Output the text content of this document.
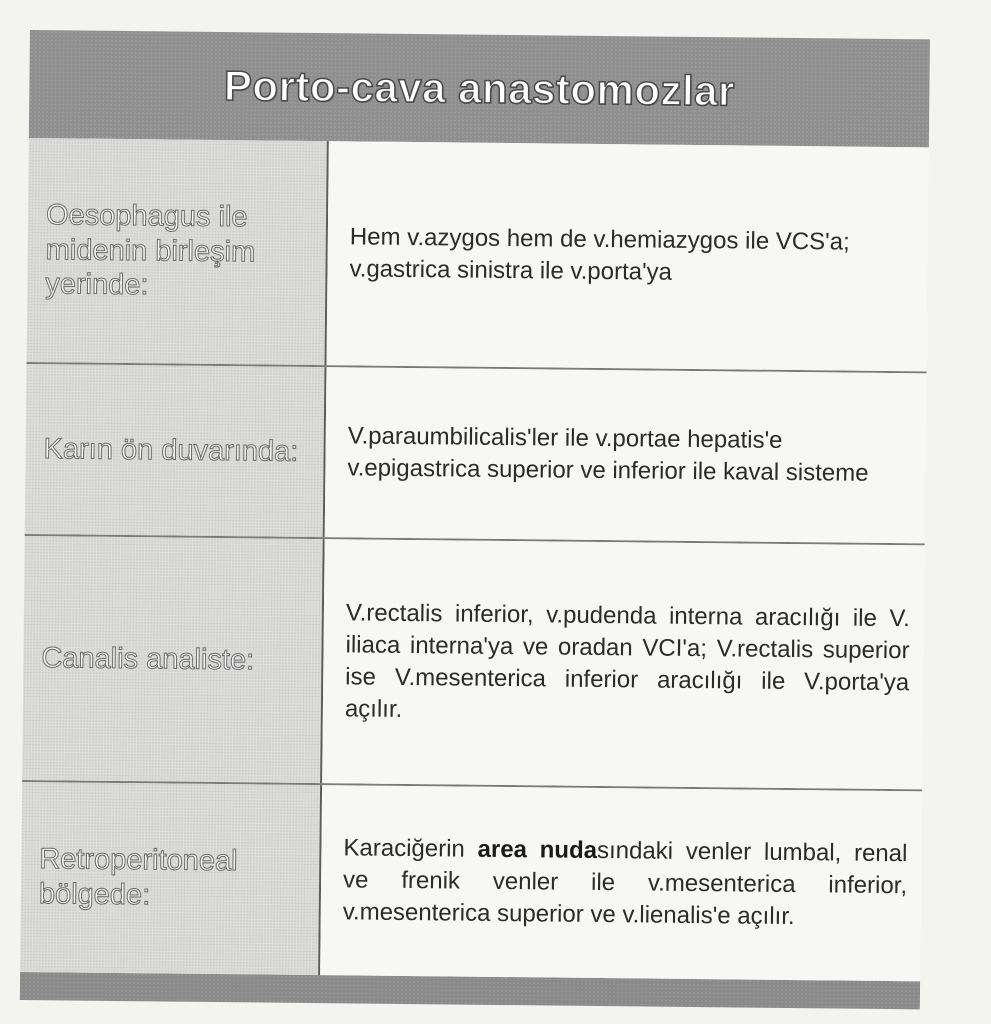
Porto-cava anastomozlar
Oesophagus ile midenin birleşim yerinde:
Hem v.azygos hem de v.hemiazygos ile VCS'a; v.gastrica sinistra ile v.porta'ya
Karın ön duvarında: V.paraumbilicalis'ler ile v.portae hepatis'e v.epigastrica superior ve inferior ile kaval sisteme
Canalis analiste:
V.rectalis inferior, v.pudenda interna aracılığı ile V. iliaca interna'ya ve oradan VCI'a; V.rectalis superior ise V.mesenterica inferior aracılığı ile V.porta'ya açılır.
Retroperitoneal bölgede:
Karaciğerin area nudasındaki venler lumbal, renal ve frenik venler ile v.mesenterica inferior, v.mesenterica superior ve v.lienalis'e açılır.
